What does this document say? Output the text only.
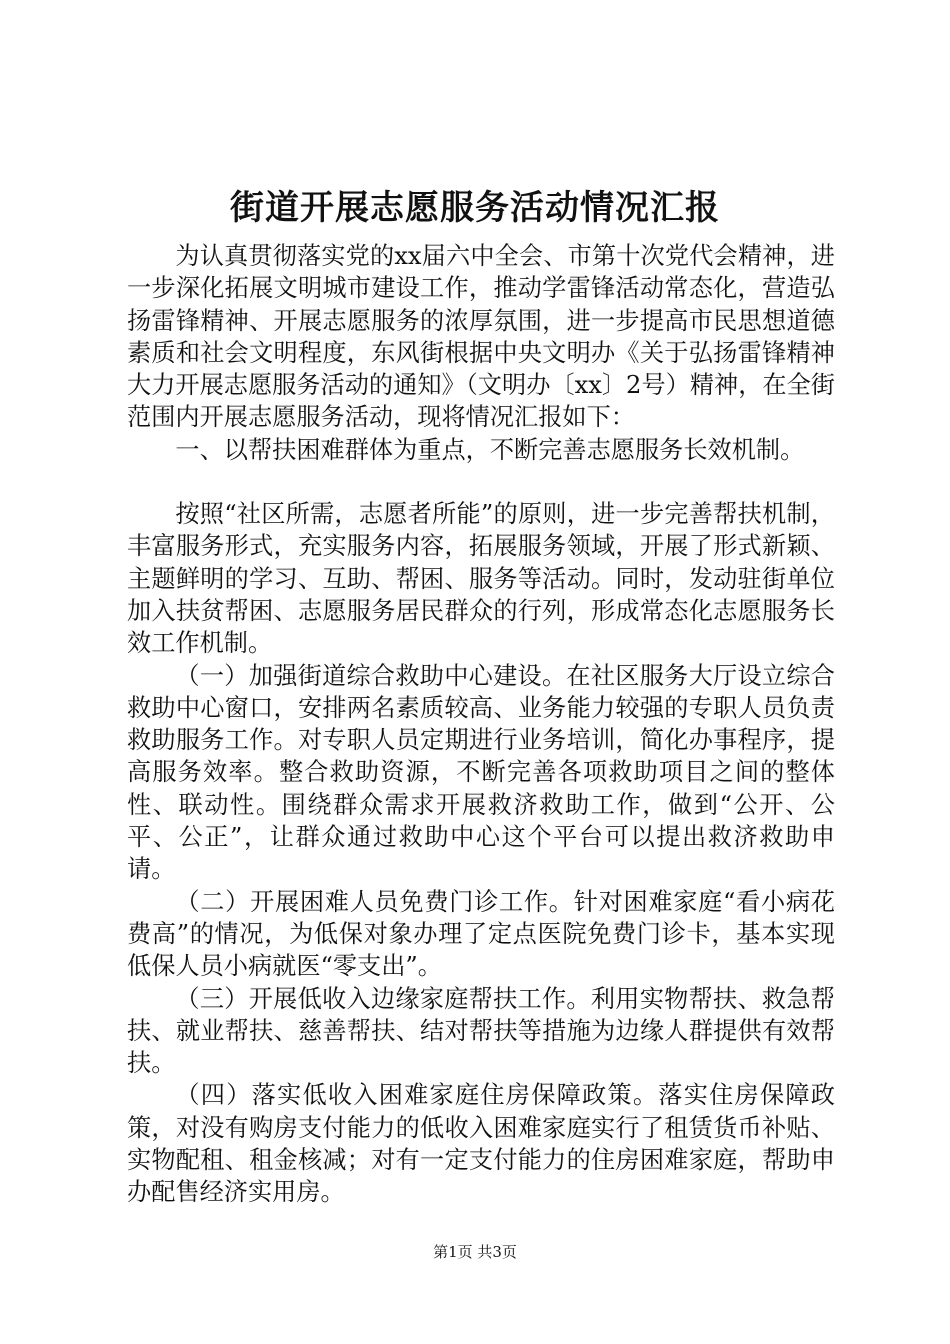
街道开展志愿服务活动情况汇报

为认真贯彻落实党的xx届六中全会、市第十次党代会精神，进一步深化拓展文明城市建设工作，推动学雷锋活动常态化，营造弘扬雷锋精神、开展志愿服务的浓厚氛围，进一步提高市民思想道德素质和社会文明程度，东风街根据中央文明办《关于弘扬雷锋精神大力开展志愿服务活动的通知》（文明办〔xx〕2号）精神，在全街范围内开展志愿服务活动，现将情况汇报如下：

一、以帮扶困难群体为重点，不断完善志愿服务长效机制。

按照“社区所需，志愿者所能”的原则，进一步完善帮扶机制，丰富服务形式，充实服务内容，拓展服务领域，开展了形式新颖、主题鲜明的学习、互助、帮困、服务等活动。同时，发动驻街单位加入扶贫帮困、志愿服务居民群众的行列，形成常态化志愿服务长效工作机制。

（一）加强街道综合救助中心建设。在社区服务大厅设立综合救助中心窗口，安排两名素质较高、业务能力较强的专职人员负责救助服务工作。对专职人员定期进行业务培训，简化办事程序，提高服务效率。整合救助资源，不断完善各项救助项目之间的整体性、联动性。围绕群众需求开展救济救助工作，做到“公开、公平、公正”，让群众通过救助中心这个平台可以提出救济救助申请。

（二）开展困难人员免费门诊工作。针对困难家庭“看小病花费高”的情况，为低保对象办理了定点医院免费门诊卡，基本实现低保人员小病就医“零支出”。

（三）开展低收入边缘家庭帮扶工作。利用实物帮扶、救急帮扶、就业帮扶、慈善帮扶、结对帮扶等措施为边缘人群提供有效帮扶。

（四）落实低收入困难家庭住房保障政策。落实住房保障政策，对没有购房支付能力的低收入困难家庭实行了租赁货币补贴、实物配租、租金核减；对有一定支付能力的住房困难家庭，帮助申办配售经济实用房。

第1页 共3页
